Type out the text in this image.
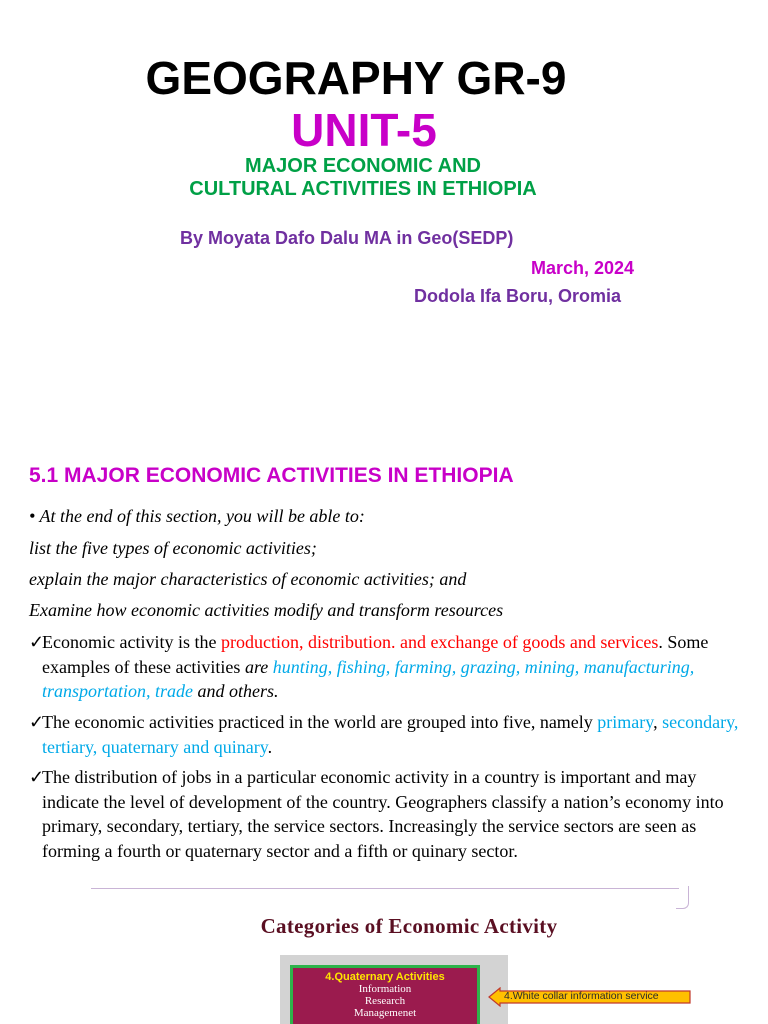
GEOGRAPHY GR-9
UNIT-5
MAJOR ECONOMIC AND
CULTURAL ACTIVITIES IN ETHIOPIA
By Moyata Dafo Dalu MA in Geo(SEDP)
March, 2024
Dodola Ifa Boru, Oromia
5.1 MAJOR ECONOMIC ACTIVITIES IN ETHIOPIA
• At the end of this section, you will be able to:
list the five types of economic activities;
explain the major characteristics of economic activities; and
Examine how economic activities modify and transform resources
✓
Economic activity is the production, distribution. and exchange of goods and services. Some examples of these activities are hunting, fishing, farming, grazing, mining, manufacturing, transportation, trade and others.
✓
The economic activities practiced in the world are grouped into five, namely primary, secondary, tertiary, quaternary and quinary.
✓
The distribution of jobs in a particular economic activity in a country is important and may indicate the level of development of the country. Geographers classify a nation’s economy into primary, secondary, tertiary, the service sectors. Increasingly the service sectors are seen as forming a fourth or quaternary sector and a fifth or quinary sector.
Categories of Economic Activity
4.Quaternary Activities
Information
Research
Managemenet
4.White collar information service
